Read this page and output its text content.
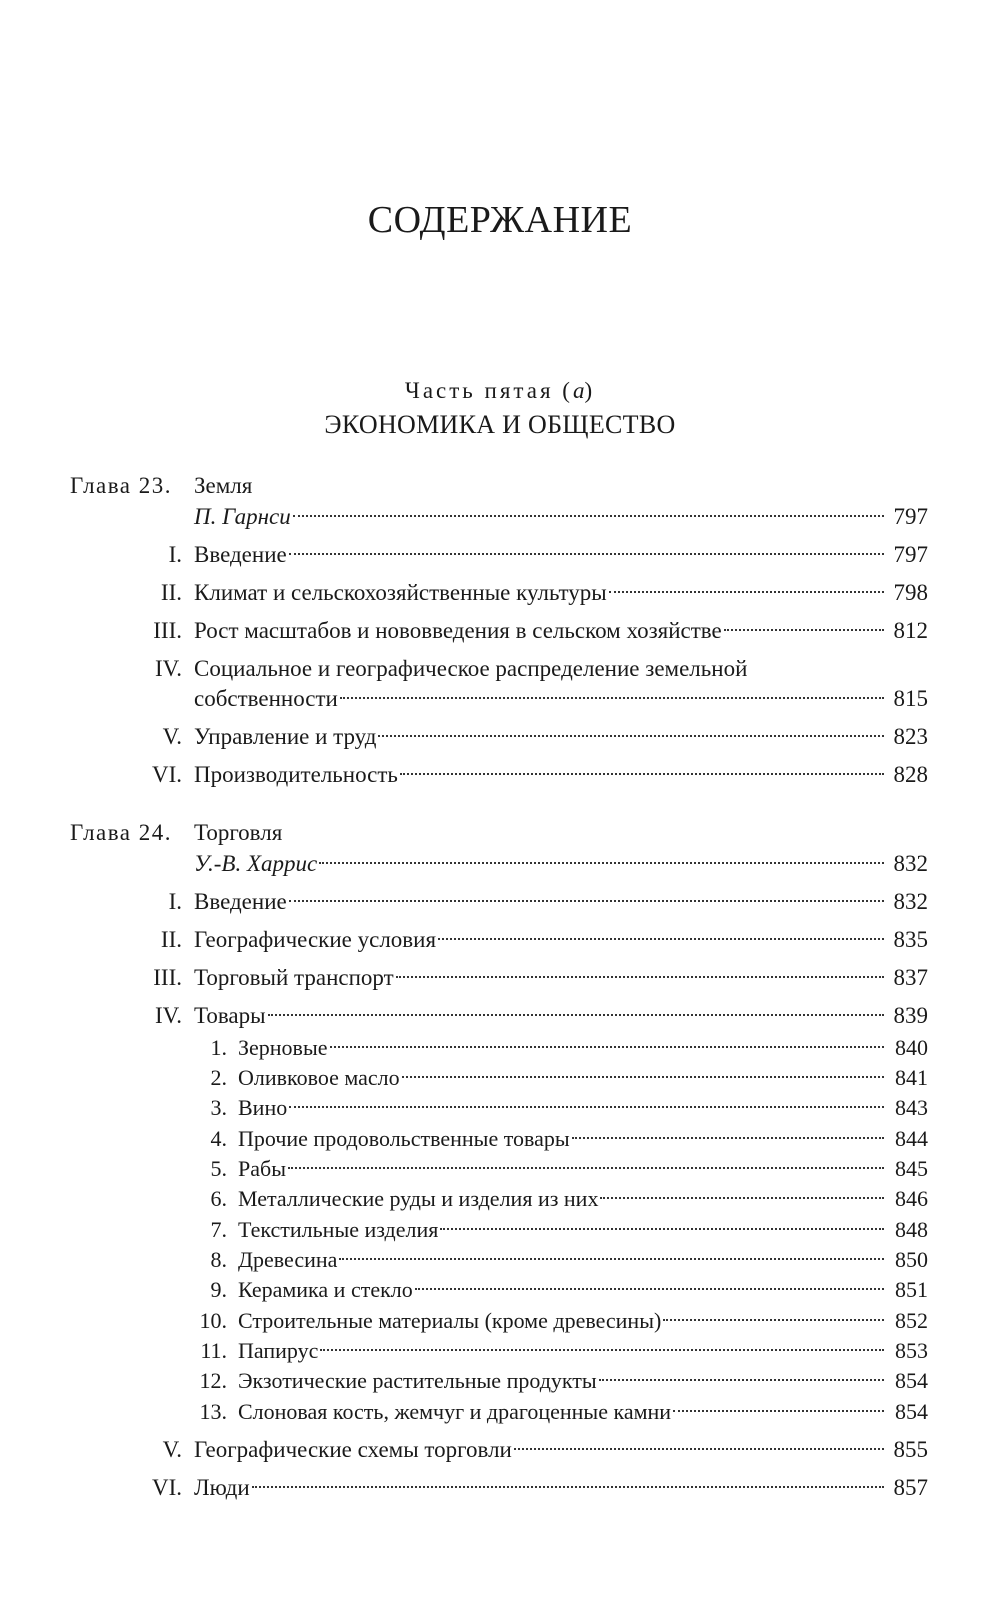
СОДЕРЖАНИЕ
Часть пятая (a)
ЭКОНОМИКА И ОБЩЕСТВО
Глава 23. Земля
П. Гарнси	797
I. Введение	797
II. Климат и сельскохозяйственные культуры	798
III. Рост масштабов и нововведения в сельском хозяйстве	812
IV. Социальное и географическое распределение земельной
собственности	815
V. Управление и труд	823
VI. Производительность	828
Глава 24. Торговля
У.-В. Харрис	832
I. Введение	832
II. Географические условия	835
III. Торговый транспорт	837
IV. Товары	839
1. Зерновые	840
2. Оливковое масло	841
3. Вино	843
4. Прочие продовольственные товары	844
5. Рабы	845
6. Металлические руды и изделия из них	846
7. Текстильные изделия	848
8. Древесина	850
9. Керамика и стекло	851
10. Строительные материалы (кроме древесины)	852
11. Папирус	853
12. Экзотические растительные продукты	854
13. Слоновая кость, жемчуг и драгоценные камни	854
V. Географические схемы торговли	855
VI. Люди	857
